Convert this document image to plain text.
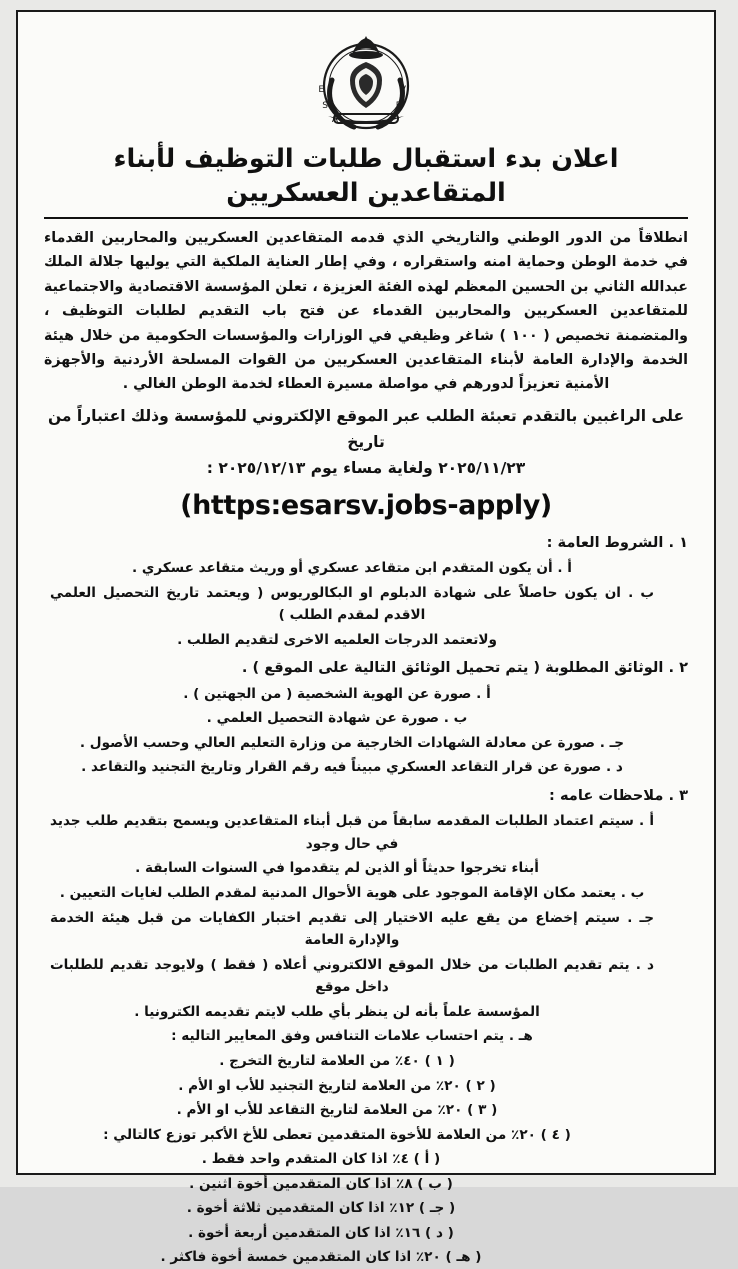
E	V
S	R
A
اعلان بدء استقبال طلبات التوظيف لأبناء المتقاعدين العسكريين

انطلاقاً من الدور الوطني والتاريخي الذي قدمه المتقاعدين العسكريين والمحاربين القدماء في خدمة الوطن وحماية امنه واستقراره ، وفي إطار العناية الملكية التي يوليها جلالة الملك عبدالله الثاني بن الحسين المعظم لهذه الفئة العزيزة ، تعلن المؤسسة الاقتصادية والاجتماعية للمتقاعدين العسكريين والمحاربين القدماء عن فتح باب التقديم لطلبات التوظيف ، والمتضمنة تخصيص ( ١٠٠ ) شاغر وظيفي في الوزارات والمؤسسات الحكومية من خلال هيئة الخدمة والإدارة العامة لأبناء المتقاعدين العسكريين من القوات المسلحة الأردنية والأجهزة الأمنية تعزيزاً لدورهم في مواصلة مسيرة العطاء لخدمة الوطن الغالي .

على الراغبين بالتقدم تعبئة الطلب عبر الموقع الإلكتروني للمؤسسة وذلك اعتباراً من تاريخ
٢٠٢٥/١١/٢٣ ولغاية مساء يوم ٢٠٢٥/١٢/١٣ :
(https:esarsv.jobs-apply)
١ . الشروط العامة :
أ . أن يكون المتقدم ابن متقاعد عسكري أو وريث متقاعد عسكري .
ب . ان يكون حاصلاً على شهادة الدبلوم او البكالوريوس ( ويعتمد تاريخ التحصيل العلمي الاقدم لمقدم الطلب )
ولاتعتمد الدرجات العلميه الاخرى لتقديم الطلب .
٢ . الوثائق المطلوبة ( يتم تحميل الوثائق التالية على الموقع ) .
أ . صورة عن الهوية الشخصية ( من الجهتين ) .
ب . صورة عن شهادة التحصيل العلمي .
جـ . صورة عن معادلة الشهادات الخارجية من وزارة التعليم العالي وحسب الأصول .
د . صورة عن قرار التقاعد العسكري مبيناً فيه رقم القرار وتاريخ التجنيد والتقاعد .
٣ . ملاحظات عامه :
أ . سيتم اعتماد الطلبات المقدمه سابقاً من قبل أبناء المتقاعدين ويسمح بتقديم طلب جديد في حال وجود
أبناء تخرجوا حديثاً أو الذين لم يتقدموا في السنوات السابقة .
ب . يعتمد مكان الإقامة الموجود على هوية الأحوال المدنية لمقدم الطلب لغايات التعيين .
جـ . سيتم إخضاع من يقع عليه الاختيار إلى تقديم اختبار الكفايات من قبل هيئة الخدمة والإدارة العامة
د . يتم تقديم الطلبات من خلال الموقع الالكتروني أعلاه ( فقط ) ولايوجد تقديم للطلبات داخل موقع
المؤسسة علماً بأنه لن ينظر بأي طلب لايتم تقديمه الكترونيا .
هـ . يتم احتساب علامات التنافس وفق المعايير التاليه :
( ١ ) ٤٠٪ من العلامة لتاريخ التخرج .
( ٢ ) ٢٠٪ من العلامة لتاريخ التجنيد للأب او الأم .
( ٣ ) ٢٠٪ من العلامة لتاريخ التقاعد للأب او الأم .
( ٤ ) ٢٠٪ من العلامة للأخوة المتقدمين تعطى للأخ الأكبر توزع كالتالي :
( أ ) ٤٪ اذا كان المتقدم واحد فقط .
( ب ) ٨٪ اذا كان المتقدمين أخوة اثنين .
( جـ ) ١٢٪ اذا كان المتقدمين ثلاثة أخوة .
( د ) ١٦٪ اذا كان المتقدمين أربعة أخوة .
( هـ ) ٢٠٪ اذا كان المتقدمين خمسة أخوة فاكثر .
